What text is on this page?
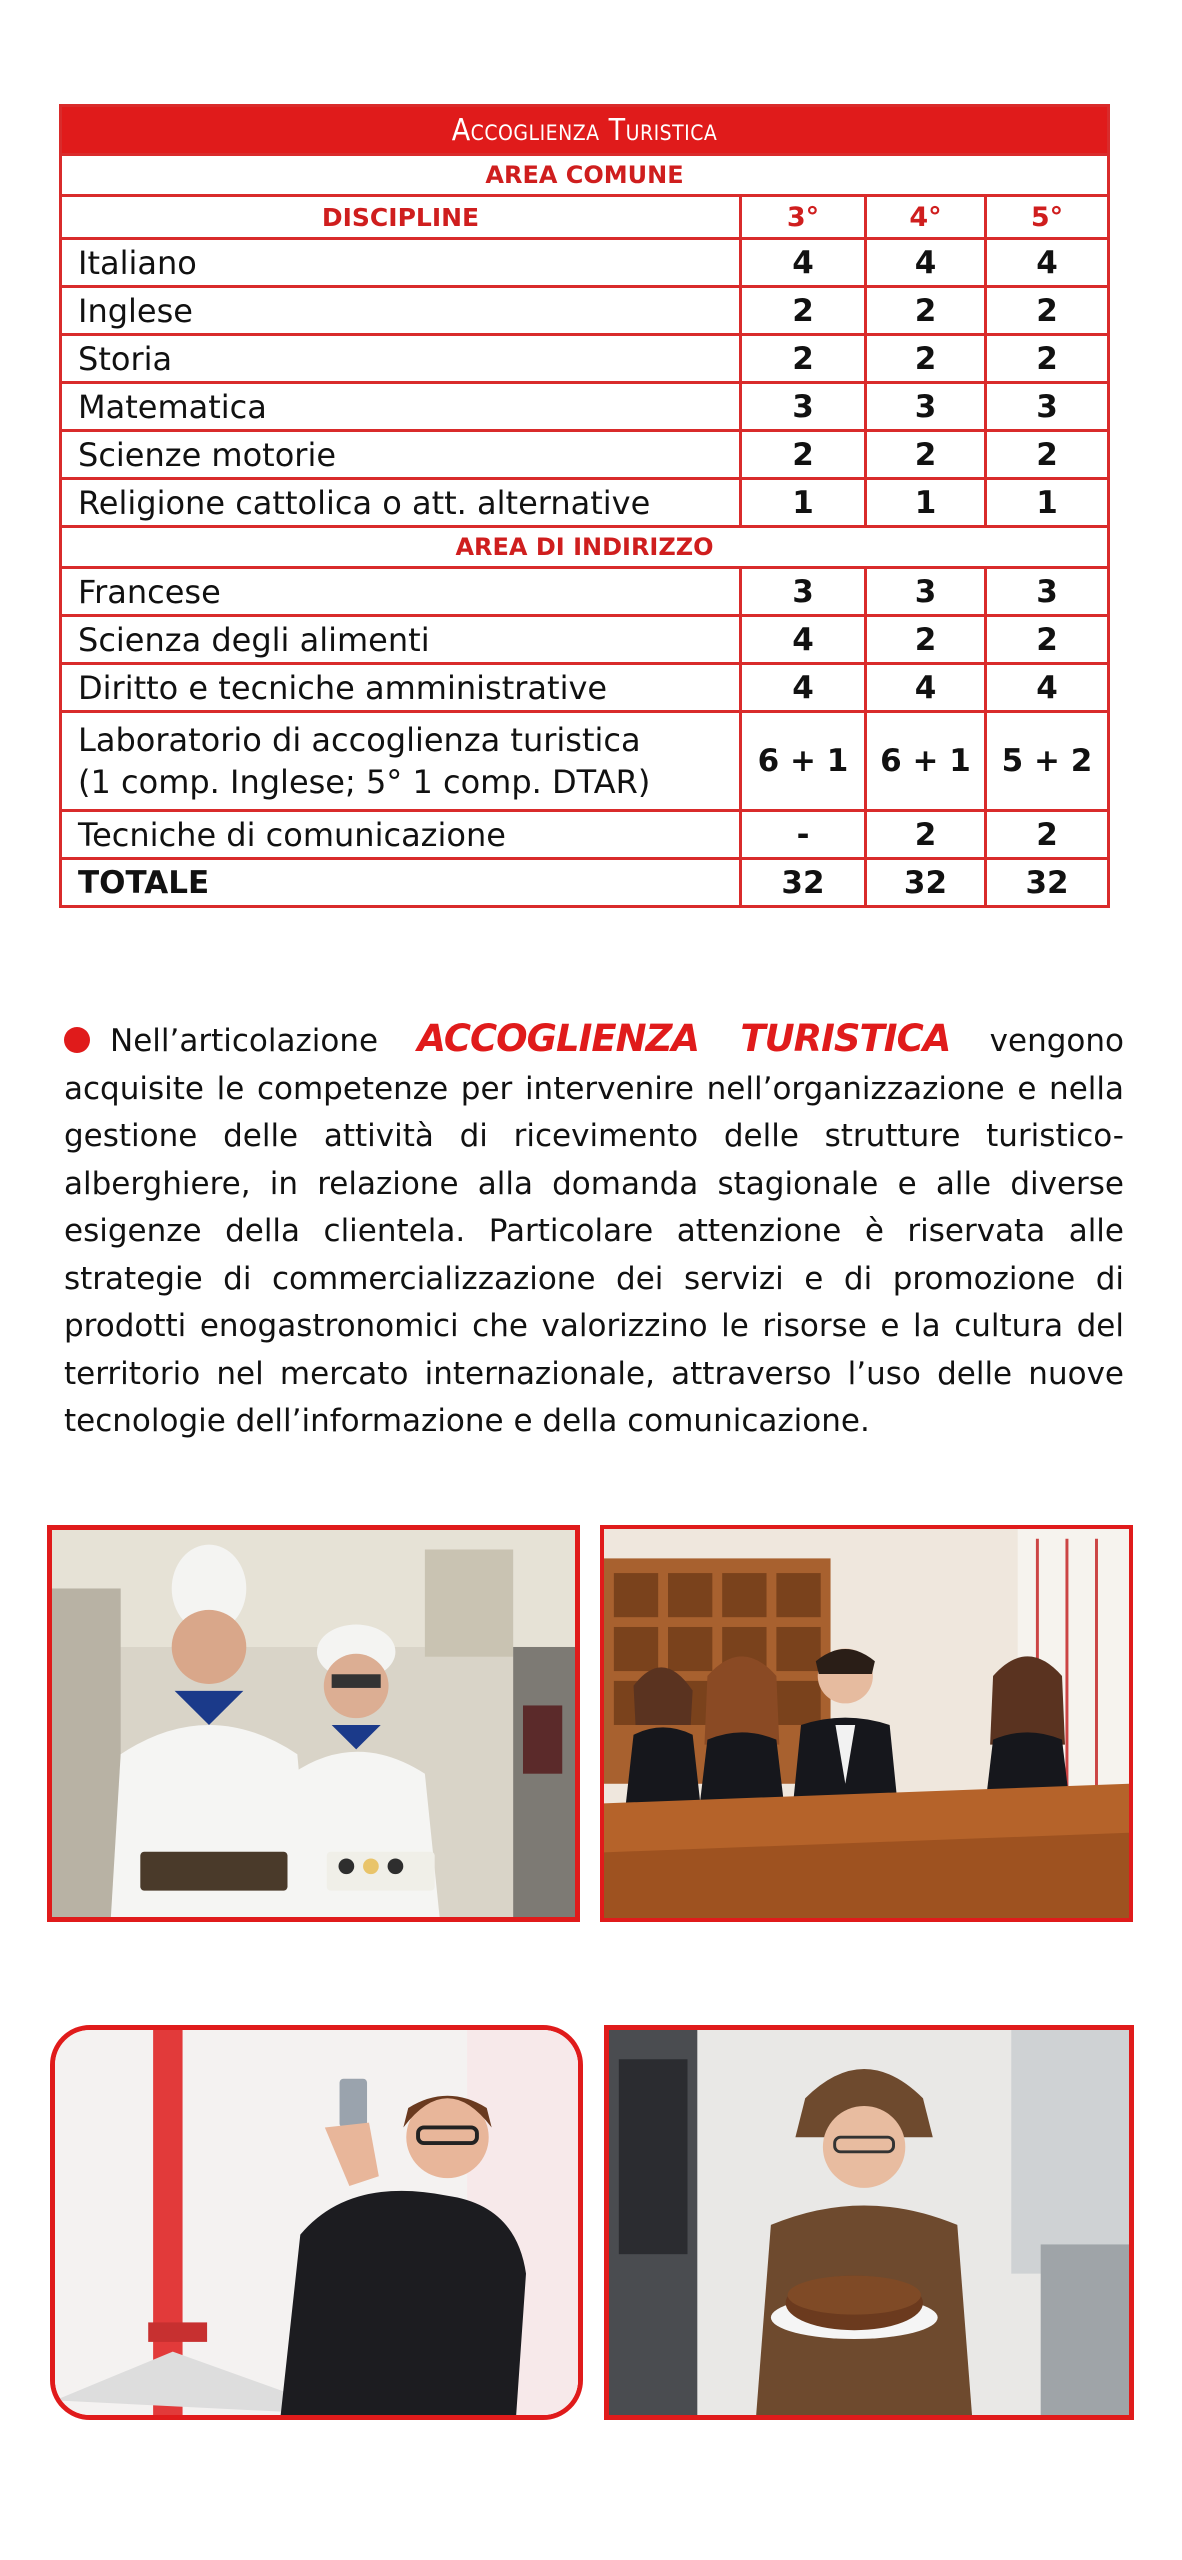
Accoglienza Turistica			
AREA COMUNE			
DISCIPLINE	3°	4°	5°
Italiano	4	4	4
Inglese	2	2	2
Storia	2	2	2
Matematica	3	3	3
Scienze motorie	2	2	2
Religione cattolica o att. alternative	1	1	1
AREA DI INDIRIZZO			
Francese	3	3	3
Scienza degli alimenti	4	2	2
Diritto e tecniche amministrative	4	4	4
Laboratorio di accoglienza turistica
(1 comp. Inglese; 5° 1 comp. DTAR)	6 + 1	6 + 1	5 + 2
Tecniche di comunicazione	-	2	2
TOTALE	32	32	32
Nell’articolazione ACCOGLIENZA TURISTICA vengono acquisite le competenze per intervenire nell’organizzazione e nella gestione delle attività di ricevimento delle strutture turistico-alberghiere, in relazione alla domanda stagionale e alle diverse esigenze della clientela. Particolare attenzione è riservata alle strategie di commercializzazione dei servizi e di promozione di prodotti enogastronomici che valorizzino le risorse e la cultura del territorio nel mercato internazionale, attraverso l’uso delle nuove tecnologie dell’informazione e della comunicazione.
